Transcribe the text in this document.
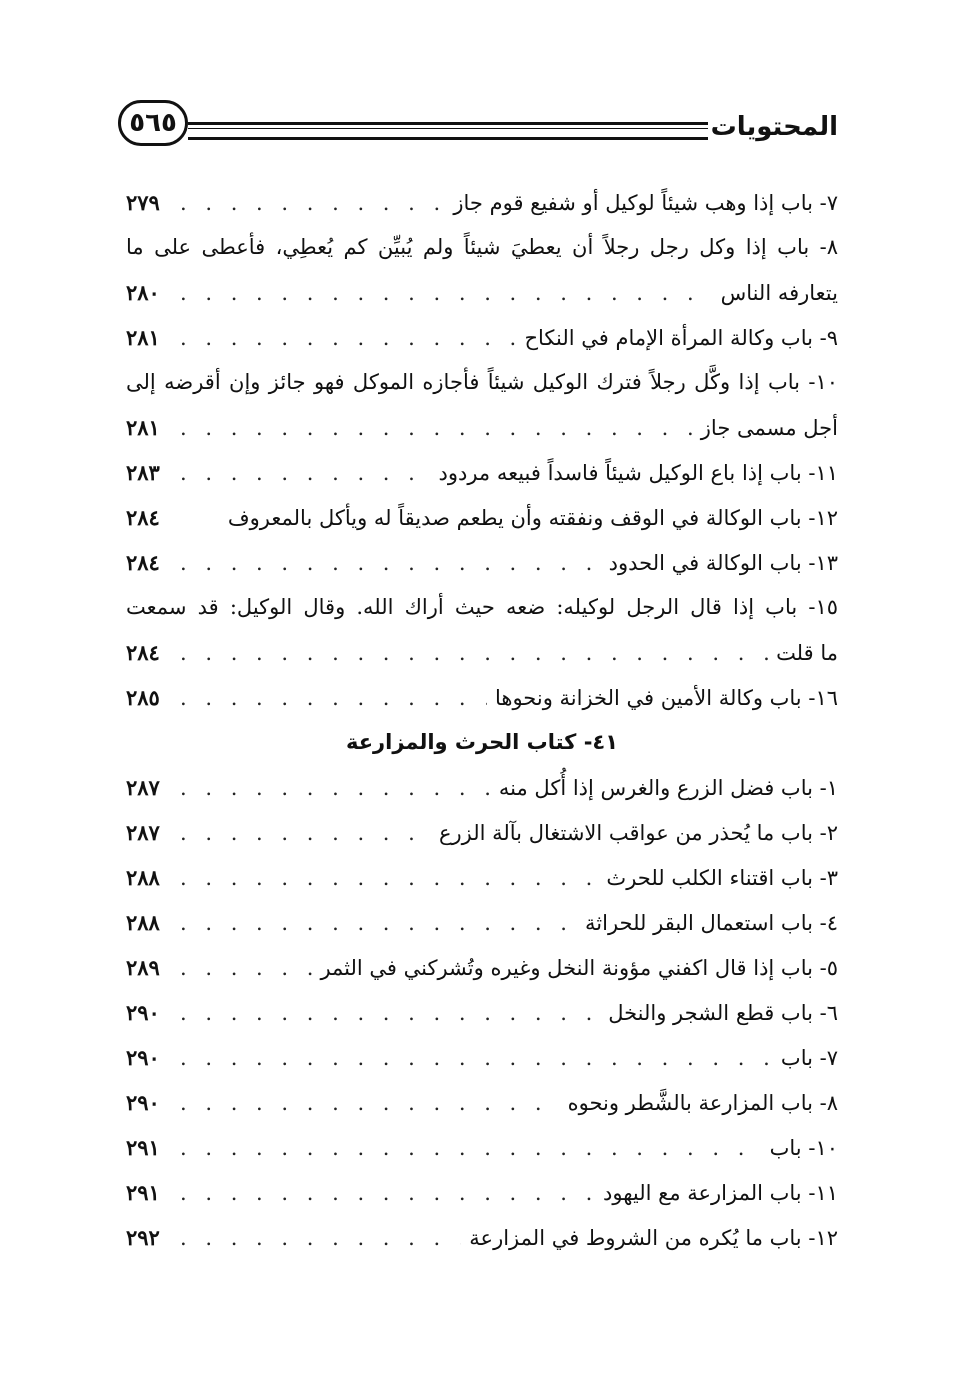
المحتويات
٥٦٥
٧- باب إذا وهب شيئاً لوكيل أو شفيع قوم جاز
. . .
٢٧٩
٨- باب إذا وكل رجل رجلاً أن يعطيَ شيئاً ولم يُبيِّن كم يُعطِي، فأعطى على ما
يتعارفه الناس
. . .
٢٨٠
٩- باب وكالة المرأة الإمام في النكاح
. . .
٢٨١
١٠- باب إذا وكَّل رجلاً فترك الوكيل شيئاً فأجازه الموكل فهو جائز وإن أقرضه إلى
أجل مسمى جاز
. . .
٢٨١
١١- باب إذا باع الوكيل شيئاً فاسداً فبيعه مردود
. . .
٢٨٣
١٢- باب الوكالة في الوقف ونفقته وأن يطعم صديقاً له ويأكل بالمعروف
٢٨٤
١٣- باب الوكالة في الحدود
. . .
٢٨٤
١٥- باب إذا قال الرجل لوكيله: ضعه حيث أراك الله. وقال الوكيل: قد سمعت
ما قلت
. . .
٢٨٤
١٦- باب وكالة الأمين في الخزانة ونحوها
. . .
٢٨٥
٤١- كتاب الحرث والمزارعة
١- باب فضل الزرع والغرس إذا أُكل منه
. . .
٢٨٧
٢- باب ما يُحذر من عواقب الاشتغال بآلة الزرع
. . .
٢٨٧
٣- باب اقتناء الكلب للحرث
. . .
٢٨٨
٤- باب استعمال البقر للحراثة
. . .
٢٨٨
٥- باب إذا قال اكفني مؤونة النخل وغيره وتُشركني في الثمر
. . .
٢٨٩
٦- باب قطع الشجر والنخل
. . .
٢٩٠
٧- باب
. . .
٢٩٠
٨- باب المزارعة بالشَّطر ونحوه
. . .
٢٩٠
١٠- باب
. . .
٢٩١
١١- باب المزارعة مع اليهود
. . .
٢٩١
١٢- باب ما يُكره من الشروط في المزارعة
. . .
٢٩٢
